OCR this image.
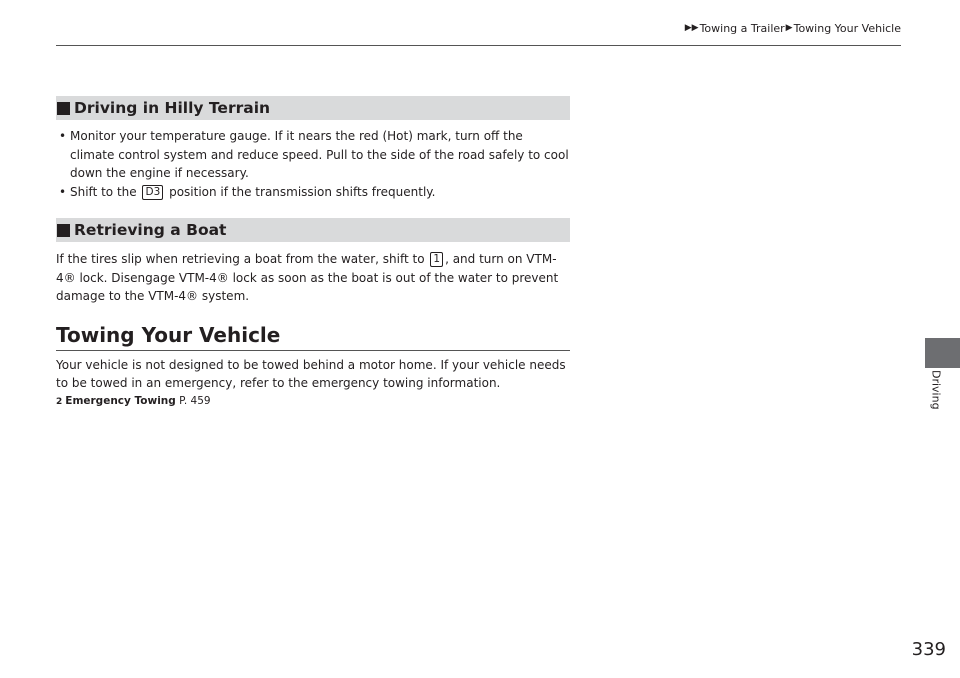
▶▶ Towing a Trailer ▶ Towing Your Vehicle
Driving
Driving in Hilly Terrain
• Monitor your temperature gauge. If it nears the red (Hot) mark, turn off the climate control system and reduce speed. Pull to the side of the road safely to cool down the engine if necessary.
• Shift to the D3 position if the transmission shifts frequently.
Retrieving a Boat

If the tires slip when retrieving a boat from the water, shift to 1 , and turn on VTM-4® lock. Disengage VTM-4® lock as soon as the boat is out of the water to prevent damage to the VTM-4® system.

Towing Your Vehicle

Your vehicle is not designed to be towed behind a motor home. If your vehicle needs to be towed in an emergency, refer to the emergency towing information.

2 Emergency Towing P. 459
339
